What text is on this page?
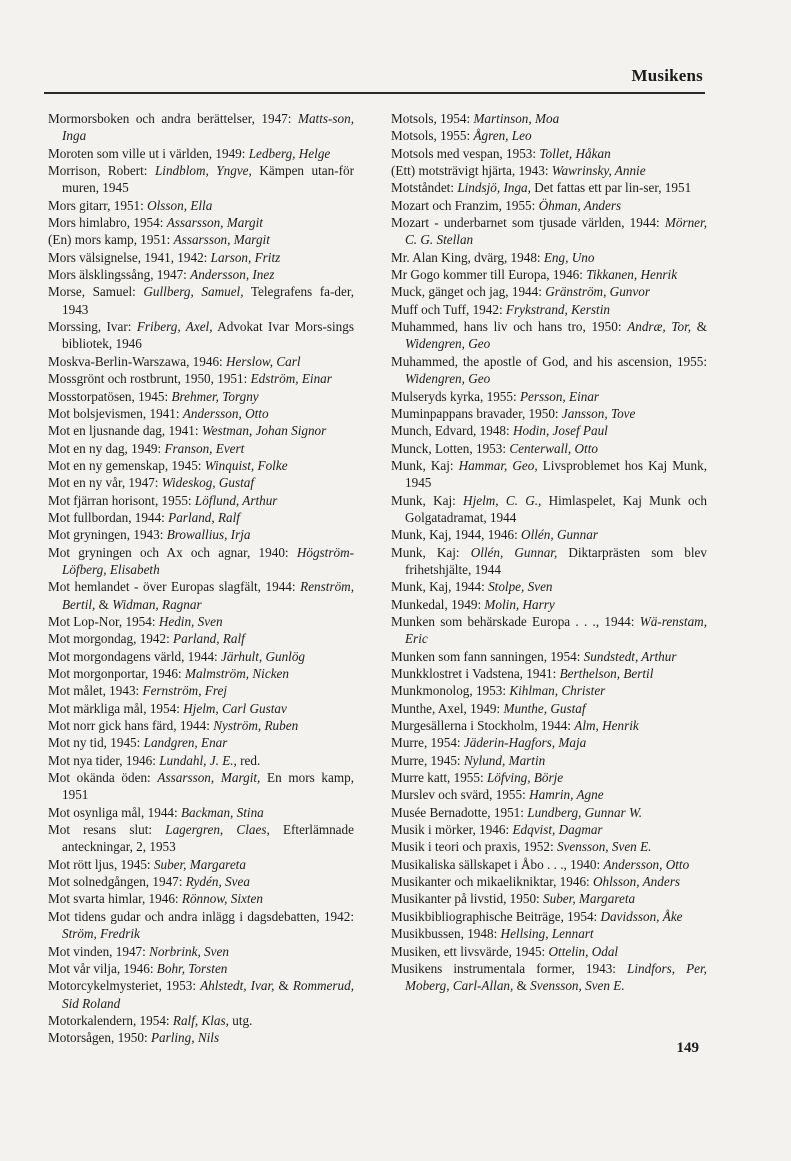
Musikens

Mormorsboken och andra berättelser, 1947: Matts-son, Inga

Moroten som ville ut i världen, 1949: Ledberg, Helge

Morrison, Robert: Lindblom, Yngve, Kämpen utan-för muren, 1945

Mors gitarr, 1951: Olsson, Ella

Mors himlabro, 1954: Assarsson, Margit

(En) mors kamp, 1951: Assarsson, Margit

Mors välsignelse, 1941, 1942: Larson, Fritz

Mors älsklingssång, 1947: Andersson, Inez

Morse, Samuel: Gullberg, Samuel, Telegrafens fa-der, 1943

Morssing, Ivar: Friberg, Axel, Advokat Ivar Mors-sings bibliotek, 1946

Moskva-Berlin-Warszawa, 1946: Herslow, Carl

Mossgrönt och rostbrunt, 1950, 1951: Edström, Einar

Mosstorpatösen, 1945: Brehmer, Torgny

Mot bolsjevismen, 1941: Andersson, Otto

Mot en ljusnande dag, 1941: Westman, Johan Signor

Mot en ny dag, 1949: Franson, Evert

Mot en ny gemenskap, 1945: Winquist, Folke

Mot en ny vår, 1947: Wideskog, Gustaf

Mot fjärran horisont, 1955: Löflund, Arthur

Mot fullbordan, 1944: Parland, Ralf

Mot gryningen, 1943: Browallius, Irja

Mot gryningen och Ax och agnar, 1940: Högström-Löfberg, Elisabeth

Mot hemlandet - över Europas slagfält, 1944: Renström, Bertil, & Widman, Ragnar

Mot Lop-Nor, 1954: Hedin, Sven

Mot morgondag, 1942: Parland, Ralf

Mot morgondagens värld, 1944: Järhult, Gunlög

Mot morgonportar, 1946: Malmström, Nicken

Mot målet, 1943: Fernström, Frej

Mot märkliga mål, 1954: Hjelm, Carl Gustav

Mot norr gick hans färd, 1944: Nyström, Ruben

Mot ny tid, 1945: Landgren, Enar

Mot nya tider, 1946: Lundahl, J. E., red.

Mot okända öden: Assarsson, Margit, En mors kamp, 1951

Mot osynliga mål, 1944: Backman, Stina

Mot resans slut: Lagergren, Claes, Efterlämnade anteckningar, 2, 1953

Mot rött ljus, 1945: Suber, Margareta

Mot solnedgången, 1947: Rydén, Svea

Mot svarta himlar, 1946: Rönnow, Sixten

Mot tidens gudar och andra inlägg i dagsdebatten, 1942: Ström, Fredrik

Mot vinden, 1947: Norbrink, Sven

Mot vår vilja, 1946: Bohr, Torsten

Motorcykelmysteriet, 1953: Ahlstedt, Ivar, & Rommerud, Sid Roland

Motorkalendern, 1954: Ralf, Klas, utg.

Motorsågen, 1950: Parling, Nils

Motsols, 1954: Martinson, Moa

Motsols, 1955: Ågren, Leo

Motsols med vespan, 1953: Tollet, Håkan

(Ett) motsträvigt hjärta, 1943: Wawrinsky, Annie

Motståndet: Lindsjö, Inga, Det fattas ett par lin-ser, 1951

Mozart och Franzim, 1955: Öhman, Anders

Mozart - underbarnet som tjusade världen, 1944: Mörner, C. G. Stellan

Mr. Alan King, dvärg, 1948: Eng, Uno

Mr Gogo kommer till Europa, 1946: Tikkanen, Henrik

Muck, gänget och jag, 1944: Gränström, Gunvor

Muff och Tuff, 1942: Frykstrand, Kerstin

Muhammed, hans liv och hans tro, 1950: Andræ, Tor, & Widengren, Geo

Muhammed, the apostle of God, and his ascension, 1955: Widengren, Geo

Mulseryds kyrka, 1955: Persson, Einar

Muminpappans bravader, 1950: Jansson, Tove

Munch, Edvard, 1948: Hodin, Josef Paul

Munck, Lotten, 1953: Centerwall, Otto

Munk, Kaj: Hammar, Geo, Livsproblemet hos Kaj Munk, 1945

Munk, Kaj: Hjelm, C. G., Himlaspelet, Kaj Munk och Golgatadramat, 1944

Munk, Kaj, 1944, 1946: Ollén, Gunnar

Munk, Kaj: Ollén, Gunnar, Diktarprästen som blev frihetshjälte, 1944

Munk, Kaj, 1944: Stolpe, Sven

Munkedal, 1949: Molin, Harry

Munken som behärskade Europa . . ., 1944: Wä-renstam, Eric

Munken som fann sanningen, 1954: Sundstedt, Arthur

Munkklostret i Vadstena, 1941: Berthelson, Bertil

Munkmonolog, 1953: Kihlman, Christer

Munthe, Axel, 1949: Munthe, Gustaf

Murgesällerna i Stockholm, 1944: Alm, Henrik

Murre, 1954: Jäderin-Hagfors, Maja

Murre, 1945: Nylund, Martin

Murre katt, 1955: Löfving, Börje

Murslev och svärd, 1955: Hamrin, Agne

Musée Bernadotte, 1951: Lundberg, Gunnar W.

Musik i mörker, 1946: Edqvist, Dagmar

Musik i teori och praxis, 1952: Svensson, Sven E.

Musikaliska sällskapet i Åbo . . ., 1940: Andersson, Otto

Musikanter och mikaelikniktar, 1946: Ohlsson, Anders

Musikanter på livstid, 1950: Suber, Margareta

Musikbibliographische Beiträge, 1954: Davidsson, Åke

Musikbussen, 1948: Hellsing, Lennart

Musiken, ett livsvärde, 1945: Ottelin, Odal

Musikens instrumentala former, 1943: Lindfors, Per, Moberg, Carl-Allan, & Svensson, Sven E.

149
